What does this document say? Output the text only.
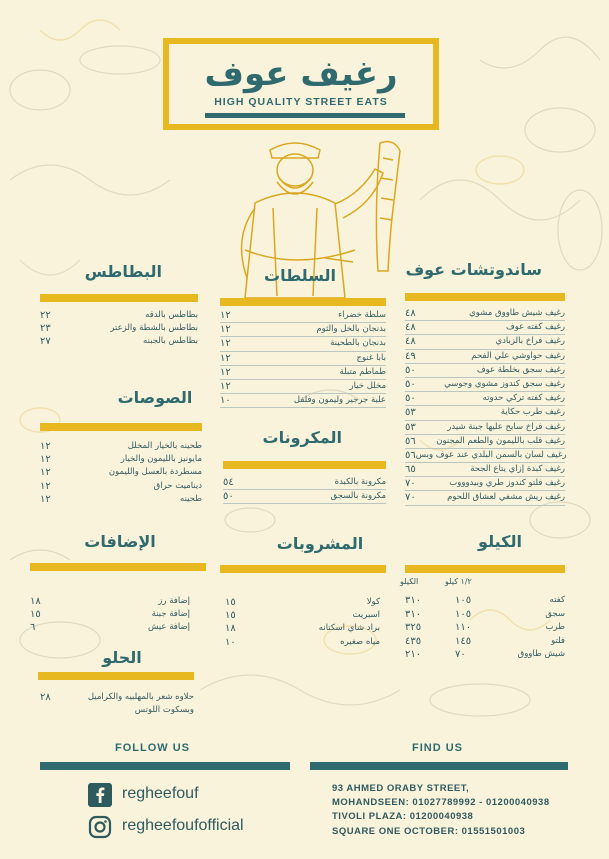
رغيف عوف
HIGH QUALITY STREET EATS
ساندوتشات عوف
٤٨	رغيف شيش طاووق مشوي
٤٨	رغيف كفته عوف
٤٨	رغيف فراخ بالزبادي
٤٩	رغيف حواوشي علي الفحم
٥٠	رغيف سجق بخلطة عوف
٥٠	رغيف سجق كندوز مشوي وجوسي
٥٠	رغيف كفته تركي حدوته
٥٣	رغيف طرب حكاية
٥٣	رغيف فراخ سايح عليها جبنة شيدر
٥٦ رغيف قلب بالليمون والطعم المجنون
٥٦ رغيف لسان بالسمن البلدي عند عوف وبس
٦٥	رغيف كبدة إزاي يتاع الجحة
٧٠	رغيف فلتو كندوز طري وبيدوووب
٧٠	رغيف ريش مشفي لعشاق اللحوم
السلطات
١٢	سلطة خضراء
١٢	بدنجان بالخل والثوم
١٢	بدنجان بالطحينة
١٢	بابا غنوج
١٢	طماطم متبلة
١٢	مخلل خيار
١٠	علبة جرجير وليمون وفلفل
البطاطس
٢٢	بطاطس بالدقه
٢٣	بطاطس بالشطة والزعتر
٢٧	بطاطس بالجبنه
الصوصات
١٢	طحينه بالخيار المخلل
١٢	مايونيز بالليمون والخيار
١٢	مسطردة بالعسل والليمون
١٢	ديناميت حراق
١٢	طحينه
المكرونات
٥٤	مكرونة بالكبدة
٥٠	مكرونة بالسجق
الإضافات
١٨	إضافة رز
١٥	إضافة جبنة
٦	إضافة عيش
المشروبات
١٥	كولا
١٥	اسبريت
١٨	براد شاي اسكتانه
١٠	مياه صغيره
الكيلو
١/٢ كيلو
الكيلو
٣١٠	١٠٥	كفته
٣١٠	١٠٥	سجق
٣٢٥	١١٠	طرب
٤٣٥	١٤٥	فلتو
٢١٠	٧٠	شيش طاووق
الحلو
٢٨	حلاوه شعر بالمهلبيه والكراميل
وبسكوت اللوتس
FOLLOW US	FIND US
regheefouf
regheefoufofficial
93 AHMED ORABY STREET,
MOHANDSEEN: 01027789992 - 01200040938
TIVOLI PLAZA: 01200040938
SQUARE ONE OCTOBER: 01551501003
